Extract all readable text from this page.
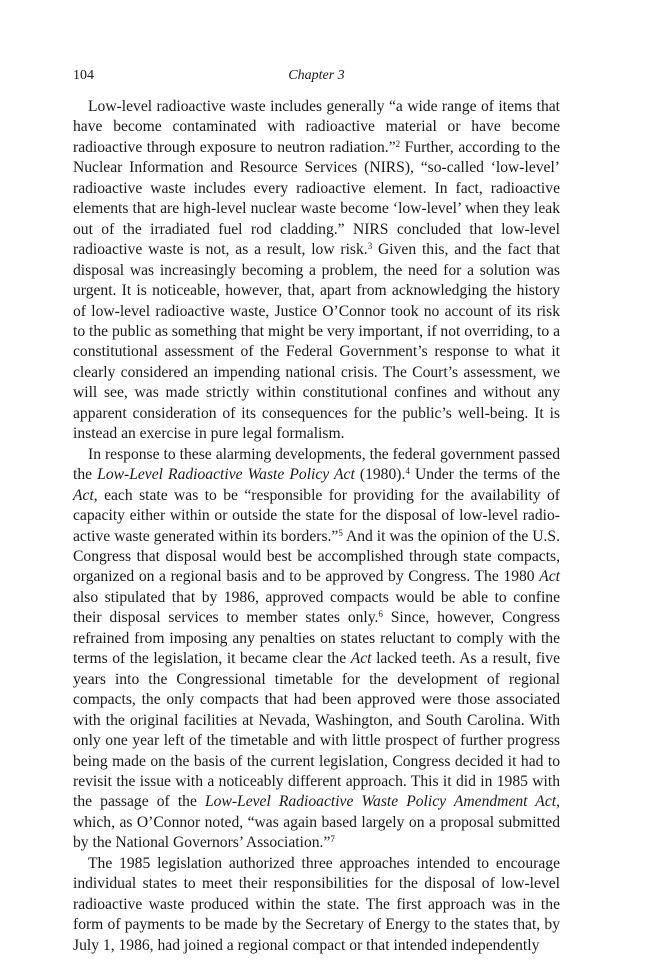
104	Chapter 3

Low-level radioactive waste includes generally “a wide range of items that have become contaminated with radioactive material or have become radioactive through exposure to neutron radiation.”$^2$ Further, according to the Nuclear Information and Resource Services (NIRS), “so-called ‘low-level’ radioactive waste includes every radioactive element. In fact, radioactive elements that are high-level nuclear waste become ‘low-level’ when they leak out of the irradiated fuel rod cladding.” NIRS concluded that low-level radioactive waste is not, as a result, low risk.$^3$ Given this, and the fact that disposal was increasingly becoming a problem, the need for a solution was urgent. It is noticeable, however, that, apart from acknowledging the history of low-level radioactive waste, Justice O’Connor took no account of its risk to the public as something that might be very important, if not overriding, to a constitutional assessment of the Federal Government’s response to what it clearly considered an impending national crisis. The Court’s assessment, we will see, was made strictly within constitutional confines and without any apparent consideration of its consequences for the public’s well-being. It is instead an exercise in pure legal formalism.

In response to these alarming developments, the federal government passed the Low-Level Radioactive Waste Policy Act (1980).$^4$ Under the terms of the Act, each state was to be “responsible for providing for the availability of capacity either within or outside the state for the disposal of low-level radioactive waste generated within its borders.”$^5$ And it was the opinion of the U.S. Congress that disposal would best be accomplished through state compacts, organized on a regional basis and to be approved by Congress. The 1980 Act also stipulated that by 1986, approved compacts would be able to confine their disposal services to member states only.$^6$ Since, however, Congress refrained from imposing any penalties on states reluctant to comply with the terms of the legislation, it became clear the Act lacked teeth. As a result, five years into the Congressional timetable for the development of regional compacts, the only compacts that had been approved were those associated with the original facilities at Nevada, Washington, and South Carolina. With only one year left of the timetable and with little prospect of further progress being made on the basis of the current legislation, Congress decided it had to revisit the issue with a noticeably different approach. This it did in 1985 with the passage of the Low-Level Radioactive Waste Policy Amendment Act, which, as O’Connor noted, “was again based largely on a proposal submitted by the National Governors’ Association.”$^7$

The 1985 legislation authorized three approaches intended to encourage individual states to meet their responsibilities for the disposal of low-level radioactive waste produced within the state. The first approach was in the form of payments to be made by the Secretary of Energy to the states that, by July 1, 1986, had joined a regional compact or that intended independently
